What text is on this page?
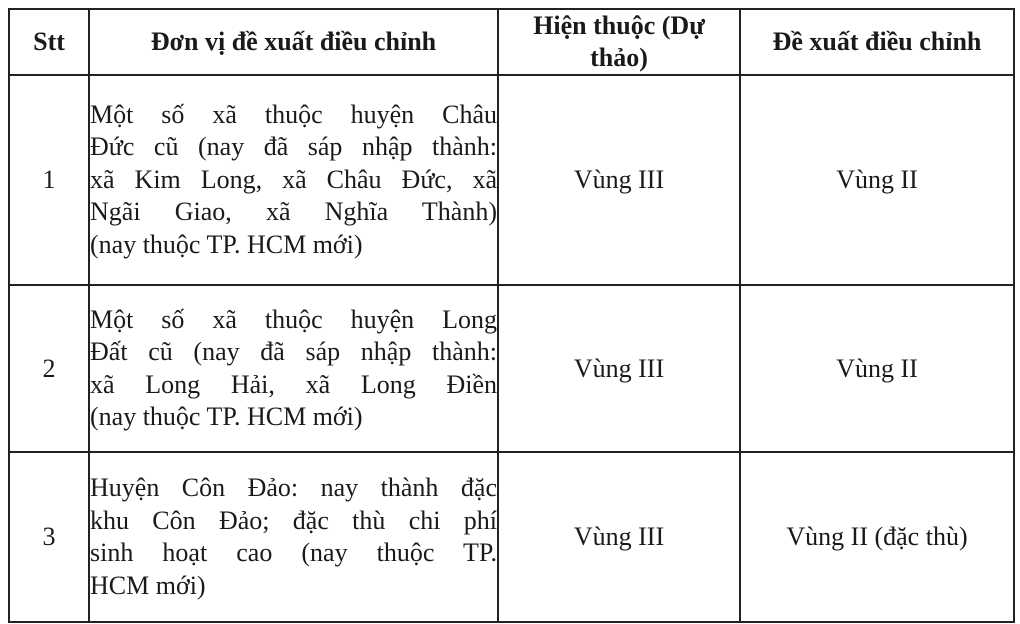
Stt	Đơn vị đề xuất điều chỉnh	Hiện thuộc (Dự thảo)	Đề xuất điều chỉnh
1	Một số xã thuộc huyện Châu
Đức cũ (nay đã sáp nhập thành:
xã Kim Long, xã Châu Đức, xã
Ngãi Giao, xã Nghĩa Thành)
(nay thuộc TP. HCM mới)	Vùng III	Vùng II
2	Một số xã thuộc huyện Long
Đất cũ (nay đã sáp nhập thành:
xã Long Hải, xã Long Điền
(nay thuộc TP. HCM mới)	Vùng III	Vùng II
3	Huyện Côn Đảo: nay thành đặc
khu Côn Đảo; đặc thù chi phí
sinh hoạt cao (nay thuộc TP.
HCM mới)	Vùng III	Vùng II (đặc thù)
